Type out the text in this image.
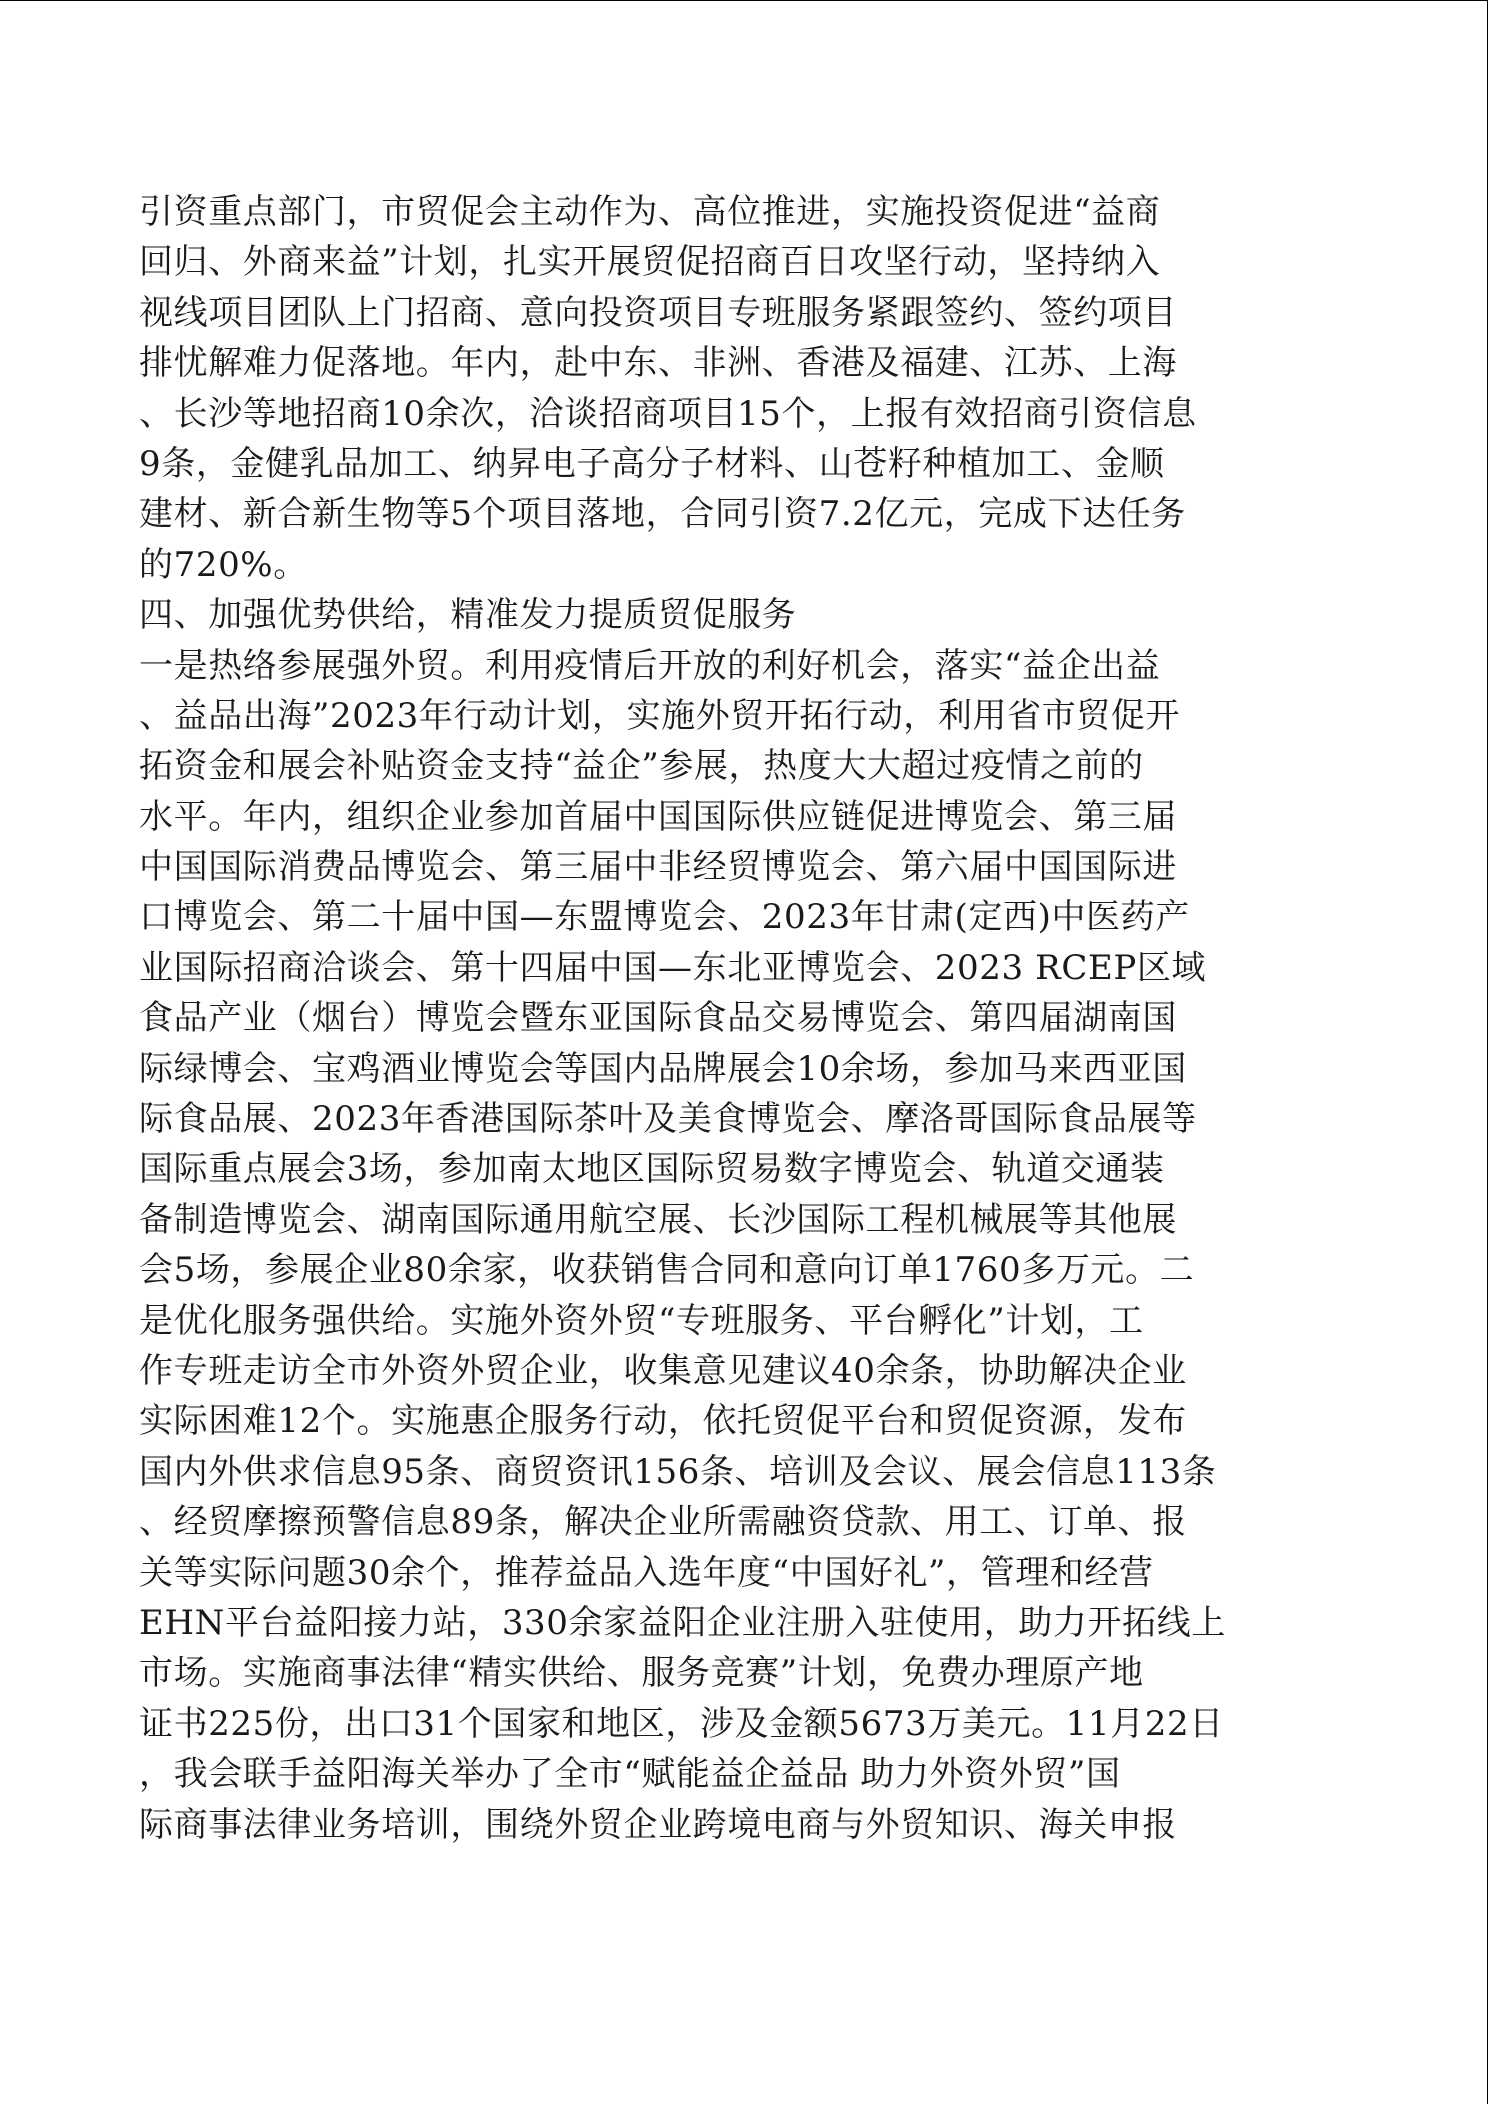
引资重点部门，市贸促会主动作为、高位推进，实施投资促进“益商
回归、外商来益”计划，扎实开展贸促招商百日攻坚行动，坚持纳入
视线项目团队上门招商、意向投资项目专班服务紧跟签约、签约项目
排忧解难力促落地。年内，赴中东、非洲、香港及福建、江苏、上海
、长沙等地招商10余次，洽谈招商项目15个，上报有效招商引资信息
9条，金健乳品加工、纳昇电子高分子材料、山苍籽种植加工、金顺
建材、新合新生物等5个项目落地，合同引资7.2亿元，完成下达任务
的720%。
四、加强优势供给，精准发力提质贸促服务
一是热络参展强外贸。利用疫情后开放的利好机会，落实“益企出益
、益品出海”2023年行动计划，实施外贸开拓行动，利用省市贸促开
拓资金和展会补贴资金支持“益企”参展，热度大大超过疫情之前的
水平。年内，组织企业参加首届中国国际供应链促进博览会、第三届
中国国际消费品博览会、第三届中非经贸博览会、第六届中国国际进
口博览会、第二十届中国—东盟博览会、2023年甘肃(定西)中医药产
业国际招商洽谈会、第十四届中国—东北亚博览会、2023 RCEP区域
食品产业（烟台）博览会暨东亚国际食品交易博览会、第四届湖南国
际绿博会、宝鸡酒业博览会等国内品牌展会10余场，参加马来西亚国
际食品展、2023年香港国际茶叶及美食博览会、摩洛哥国际食品展等
国际重点展会3场，参加南太地区国际贸易数字博览会、轨道交通装
备制造博览会、湖南国际通用航空展、长沙国际工程机械展等其他展
会5场，参展企业80余家，收获销售合同和意向订单1760多万元。二
是优化服务强供给。实施外资外贸“专班服务、平台孵化”计划，工
作专班走访全市外资外贸企业，收集意见建议40余条，协助解决企业
实际困难12个。实施惠企服务行动，依托贸促平台和贸促资源，发布
国内外供求信息95条、商贸资讯156条、培训及会议、展会信息113条
、经贸摩擦预警信息89条，解决企业所需融资贷款、用工、订单、报
关等实际问题30余个，推荐益品入选年度“中国好礼”，管理和经营
EHN平台益阳接力站，330余家益阳企业注册入驻使用，助力开拓线上
市场。实施商事法律“精实供给、服务竞赛”计划，免费办理原产地
证书225份，出口31个国家和地区，涉及金额5673万美元。11月22日
，我会联手益阳海关举办了全市“赋能益企益品 助力外资外贸”国
际商事法律业务培训，围绕外贸企业跨境电商与外贸知识、海关申报
